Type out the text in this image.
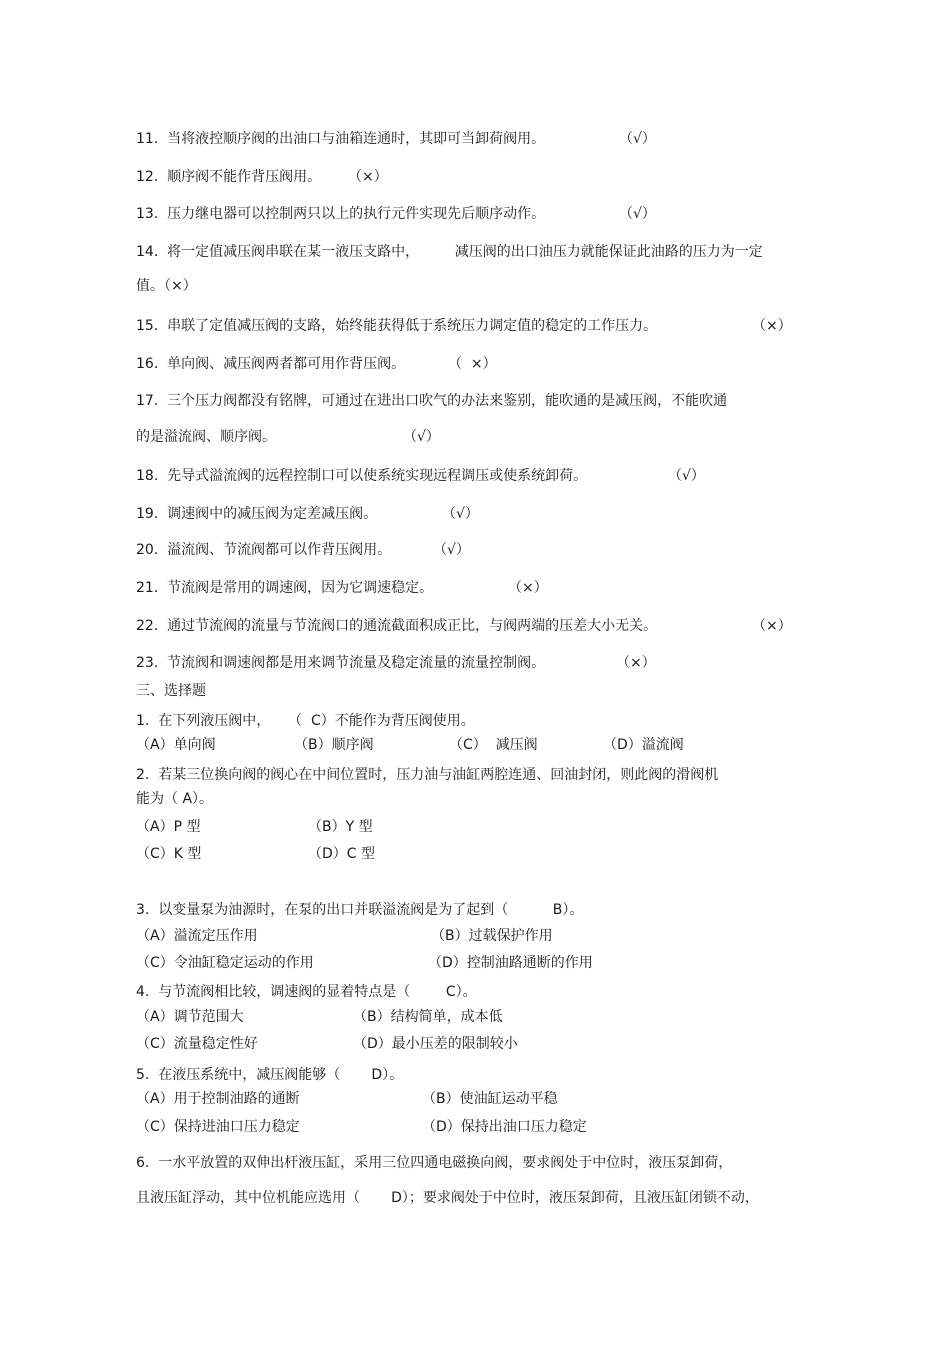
11.  当将液控顺序阀的出油口与油箱连通时，其即可当卸荷阀用。	（√）
12.  顺序阀不能作背压阀用。 （×）
13.  压力继电器可以控制两只以上的执行元件实现先后顺序动作。	（√）
14.  将一定值减压阀串联在某一液压支路中，        减压阀的出口油压力就能保证此油路的压力为一定
值。（×）
15.  串联了定值减压阀的支路，始终能获得低于系统压力调定值的稳定的工作压力。	（×）
16.  单向阀、减压阀两者都可用作背压阀。	（  ×）
17.  三个压力阀都没有铭牌，可通过在进出口吹气的办法来鉴别，能吹通的是减压阀，不能吹通
的是溢流阀、顺序阀。	（√）
18.  先导式溢流阀的远程控制口可以使系统实现远程调压或使系统卸荷。	（√）
19.  调速阀中的减压阀为定差减压阀。	（√）
20.  溢流阀、节流阀都可以作背压阀用。	（√）
21.  节流阀是常用的调速阀，因为它调速稳定。	（×）
22.  通过节流阀的流量与节流阀口的通流截面积成正比，与阀两端的压差大小无关。	（×）
23.  节流阀和调速阀都是用来调节流量及稳定流量的流量控制阀。	（×）
三、选择题
1.  在下列液压阀中，    （  C）不能作为背压阀使用。
（A）单向阀	（B）顺序阀	（C）  减压阀	（D）溢流阀
2.  若某三位换向阀的阀心在中间位置时，压力油与油缸两腔连通、回油封闭，则此阀的滑阀机
能为（ A）。
（A）P 型	（B）Y 型
（C）K 型	（D）C 型
3.  以变量泵为油源时，在泵的出口并联溢流阀是为了起到（          B）。
（A）溢流定压作用	（B）过载保护作用
（C）令油缸稳定运动的作用	（D）控制油路通断的作用
4.  与节流阀相比较，调速阀的显着特点是（        C）。
（A）调节范围大	（B）结构简单，成本低
（C）流量稳定性好	（D）最小压差的限制较小
5.  在液压系统中，减压阀能够（       D）。
（A）用于控制油路的通断	（B）使油缸运动平稳
（C）保持进油口压力稳定	（D）保持出油口压力稳定
6.  一水平放置的双伸出杆液压缸，采用三位四通电磁换向阀，要求阀处于中位时，液压泵卸荷，
且液压缸浮动，其中位机能应选用（       D）；要求阀处于中位时，液压泵卸荷，且液压缸闭锁不动，
